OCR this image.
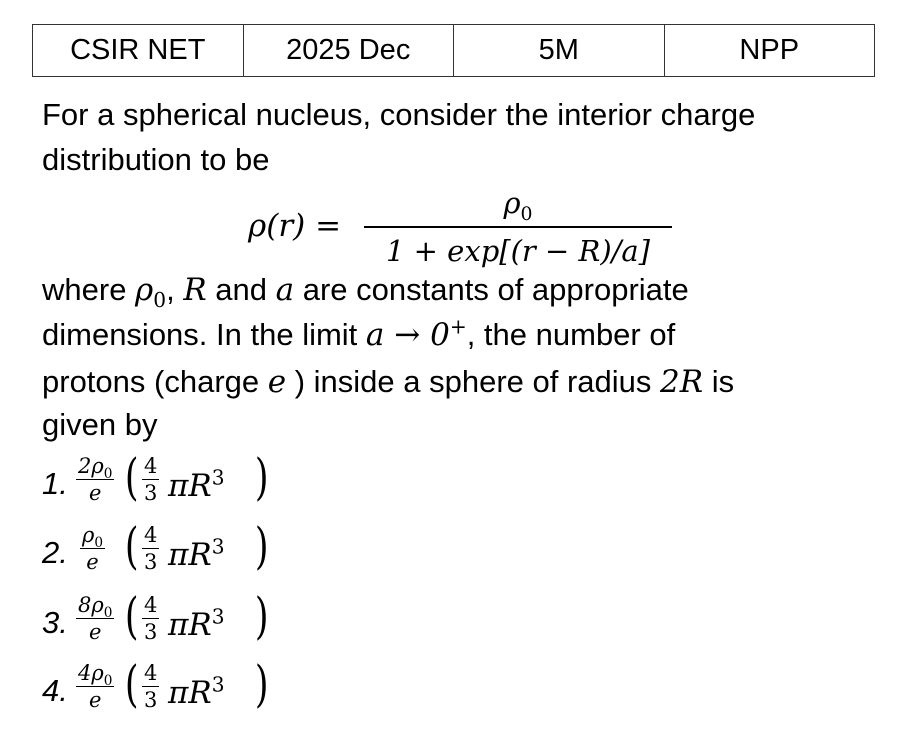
CSIR NET	2025 Dec	5M	NPP
For a spherical nucleus, consider the interior charge
distribution to be
$\rho(r) = \frac{\rho_0}{1 + \exp[(r - R)/a]}$
where $\rho_0$, R and a are constants of appropriate
dimensions. In the limit a → 0+, the number of
protons (charge e ) inside a sphere of radius 2R is
given by
1. $\frac{2\rho_0}{e}$ ( $\frac{4}{3} \pi R^3$ )
2. $\frac{\rho_0}{e}$ ( $\frac{4}{3} \pi R^3$ )
3. $\frac{8\rho_0}{e}$ ( $\frac{4}{3} \pi R^3$ )
4. $\frac{4\rho_0}{e}$ ( $\frac{4}{3} \pi R^3$ )
